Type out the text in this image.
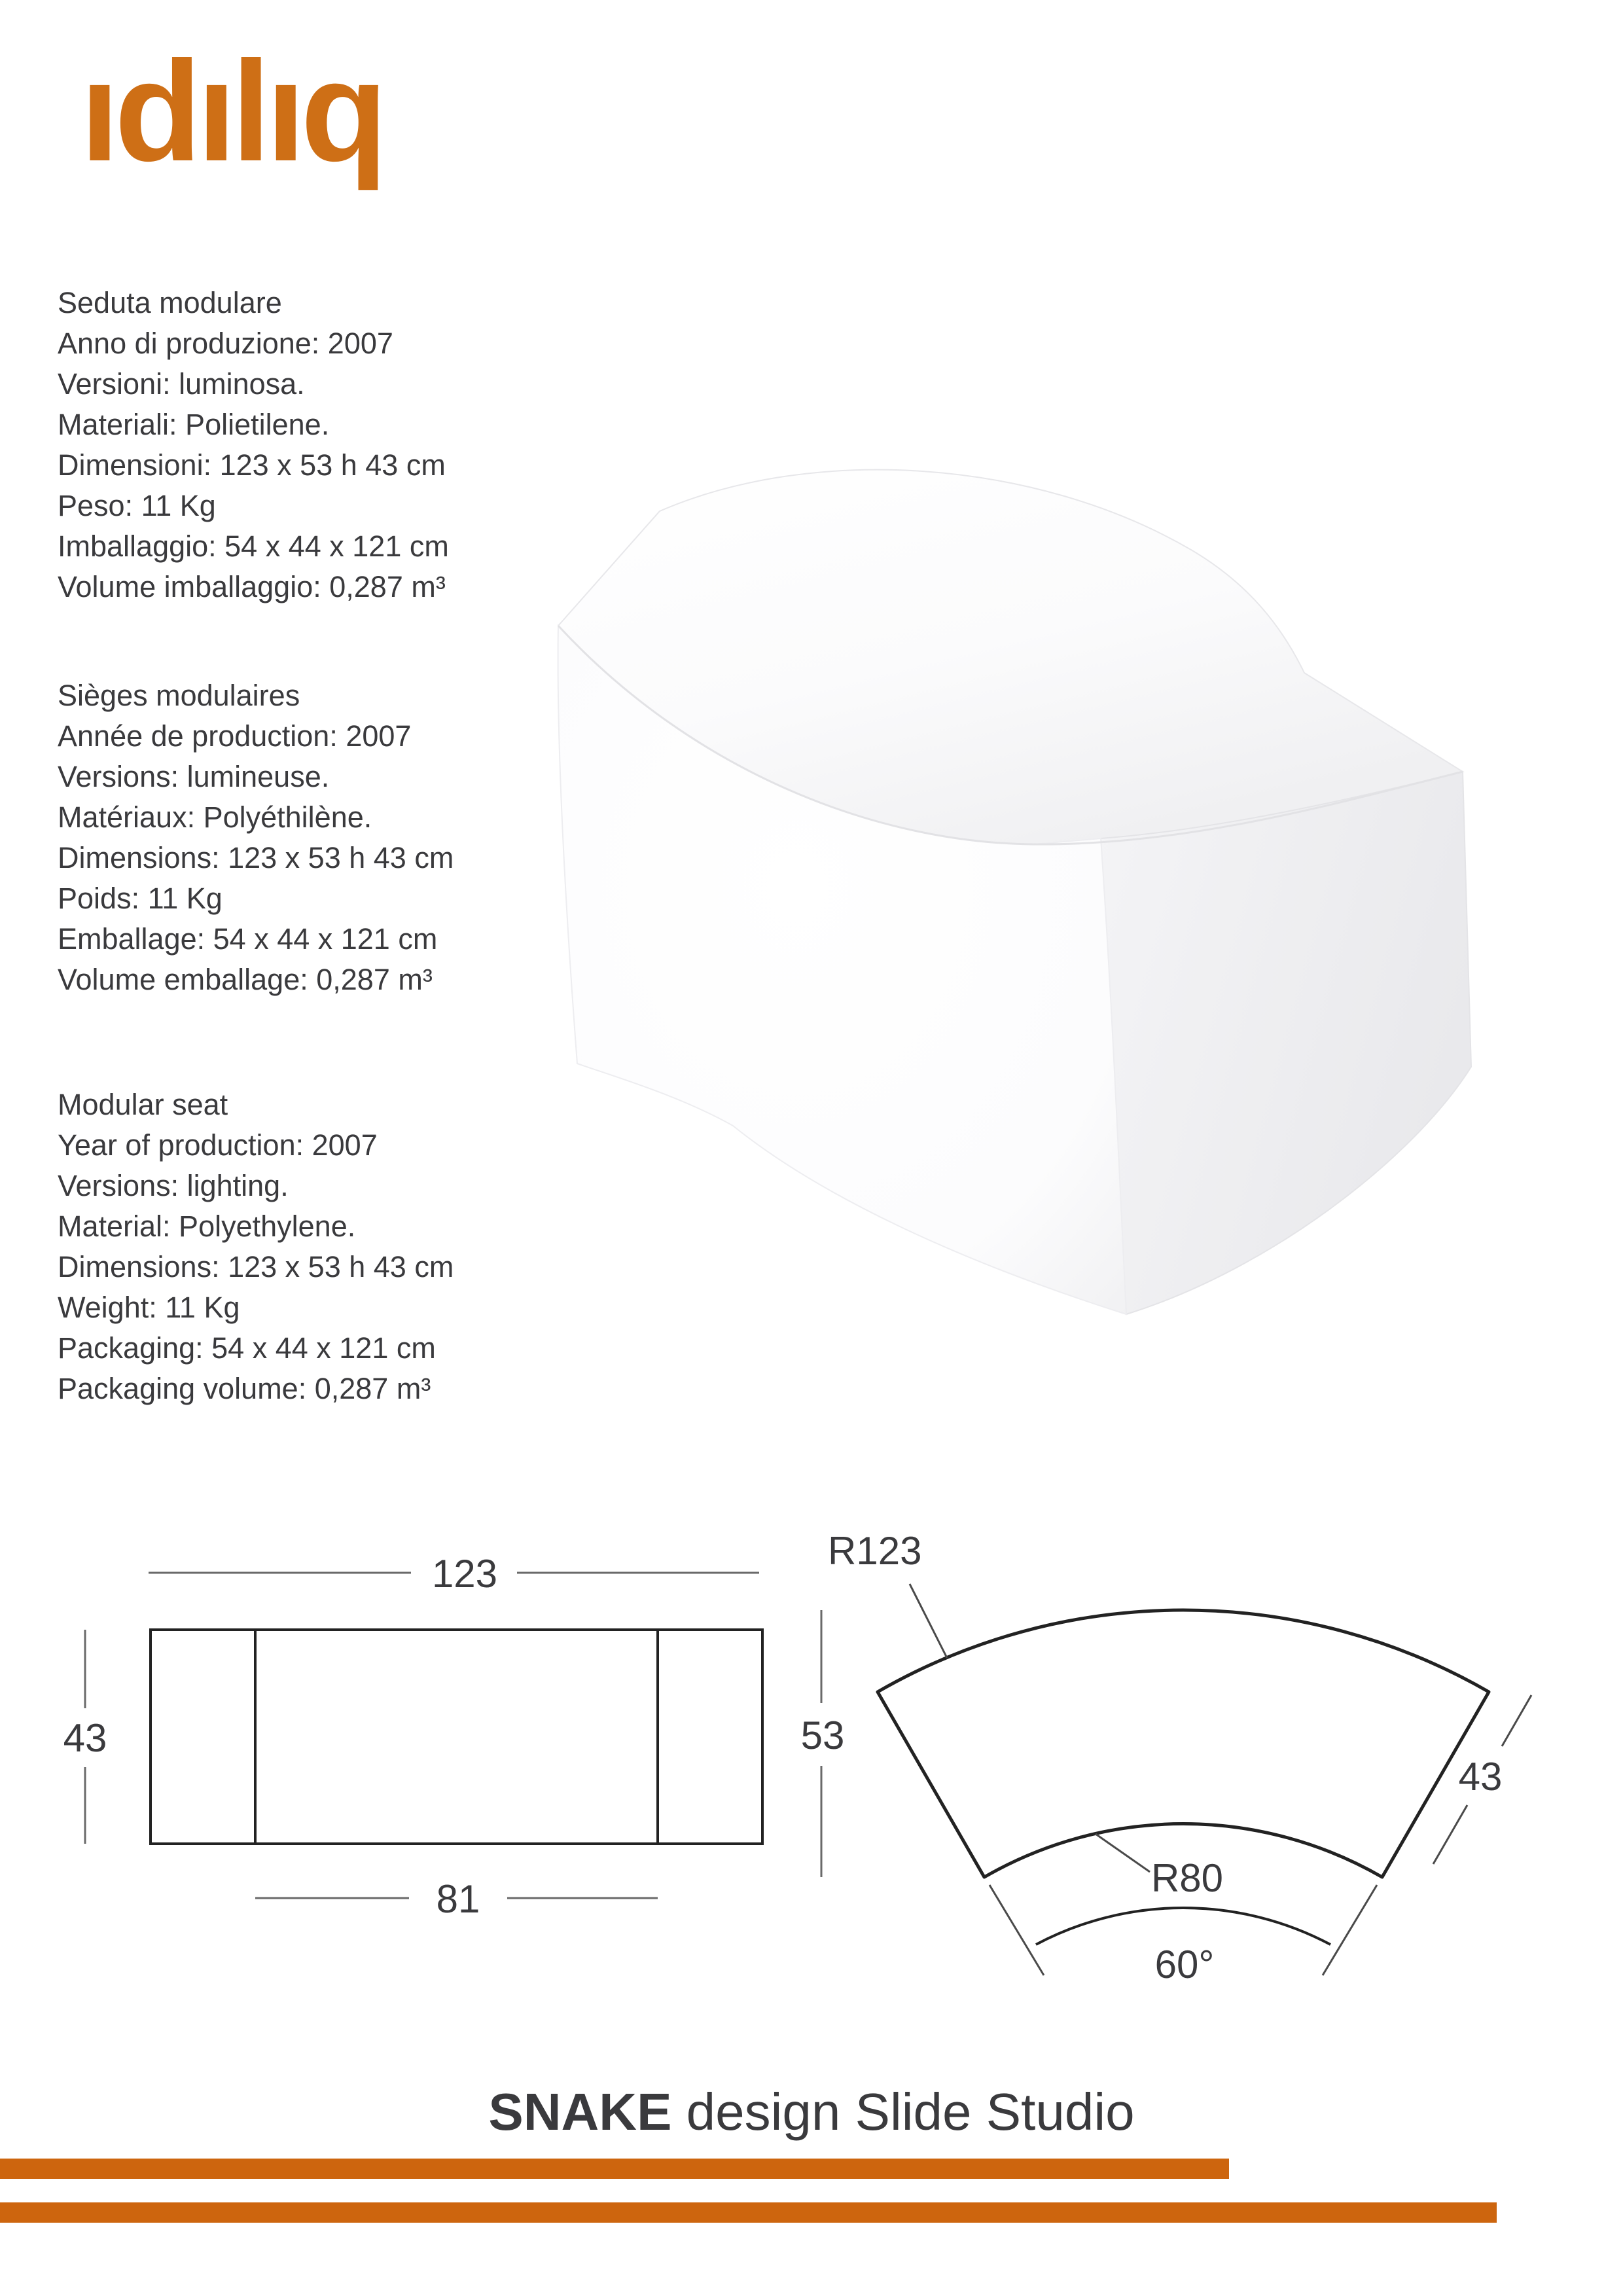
ıdılıq
Seduta modulare
Anno di produzione: 2007
Versioni: luminosa.
Materiali: Polietilene.
Dimensioni: 123 x 53 h 43 cm
Peso: 11 Kg
Imballaggio: 54 x 44 x 121 cm
Volume imballaggio: 0,287 m³
Sièges modulaires
Année de production: 2007
Versions: lumineuse.
Matériaux: Polyéthilène.
Dimensions: 123 x 53 h 43 cm
Poids: 11 Kg
Emballage: 54 x 44 x 121 cm
Volume emballage: 0,287 m³
Modular seat
Year of production: 2007
Versions: lighting.
Material: Polyethylene.
Dimensions: 123 x 53 h 43 cm
Weight: 11 Kg
Packaging: 54 x 44 x 121 cm
Packaging volume: 0,287 m³
123
43
81
R123
53
43
R80
60°
SNAKE design Slide Studio
